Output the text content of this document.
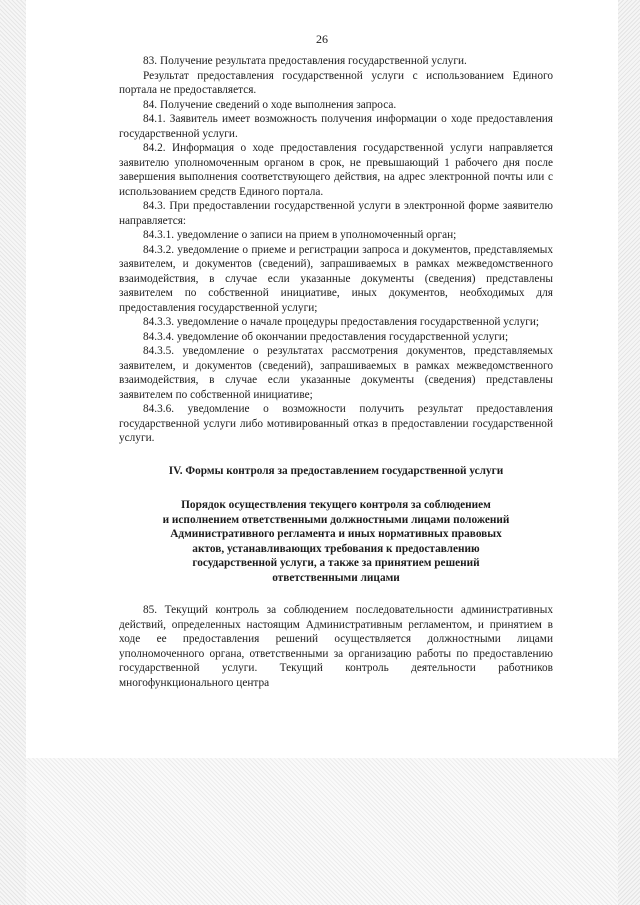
26

83. Получение результата предоставления государственной услуги.

Результат предоставления государственной услуги с использованием Единого портала не предоставляется.

84. Получение сведений о ходе выполнения запроса.

84.1. Заявитель имеет возможность получения информации о ходе предоставления государственной услуги.

84.2. Информация о ходе предоставления государственной услуги направляется заявителю уполномоченным органом в срок, не превышающий 1 рабочего дня после завершения выполнения соответствующего действия, на адрес электронной почты или с использованием средств Единого портала.

84.3. При предоставлении государственной услуги в электронной форме заявителю направляется:

84.3.1. уведомление о записи на прием в уполномоченный орган;

84.3.2. уведомление о приеме и регистрации запроса и документов, представляемых заявителем, и документов (сведений), запрашиваемых в рамках межведомственного взаимодействия, в случае если указанные документы (сведения) представлены заявителем по собственной инициативе, иных документов, необходимых для предоставления государственной услуги;

84.3.3. уведомление о начале процедуры предоставления государственной услуги;

84.3.4. уведомление об окончании предоставления государственной услуги;

84.3.5. уведомление о результатах рассмотрения документов, представляемых заявителем, и документов (сведений), запрашиваемых в рамках межведомственного взаимодействия, в случае если указанные документы (сведения) представлены заявителем по собственной инициативе;

84.3.6. уведомление о возможности получить результат предоставления государственной услуги либо мотивированный отказ в предоставлении государственной услуги.

IV. Формы контроля за предоставлением государственной услуги

Порядок осуществления текущего контроля за соблюдением
и исполнением ответственными должностными лицами положений
Административного регламента и иных нормативных правовых
актов, устанавливающих требования к предоставлению
государственной услуги, а также за принятием решений
ответственными лицами

85. Текущий контроль за соблюдением последовательности административных действий, определенных настоящим Административным регламентом, и принятием в ходе ее предоставления решений осуществляется должностными лицами уполномоченного органа, ответственными за организацию работы по предоставлению государственной услуги. Текущий контроль деятельности работников многофункционального центра
